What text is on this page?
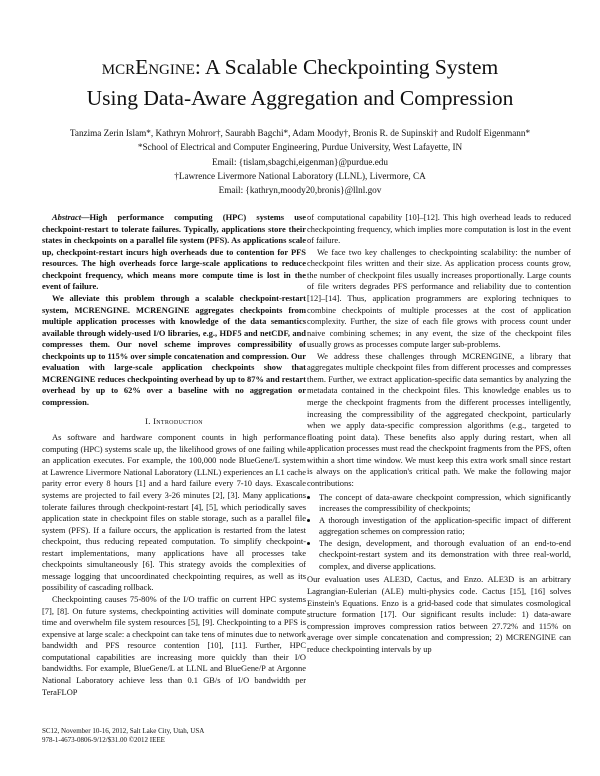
mcrEngine: A Scalable Checkpointing System
Using Data-Aware Aggregation and Compression
Tanzima Zerin Islam*, Kathryn Mohror†, Saurabh Bagchi*, Adam Moody†, Bronis R. de Supinski† and Rudolf Eigenmann*
*School of Electrical and Computer Engineering, Purdue University, West Lafayette, IN
Email: {tislam,sbagchi,eigenman}@purdue.edu
†Lawrence Livermore National Laboratory (LLNL), Livermore, CA
Email: {kathryn,moody20,bronis}@llnl.gov

Abstract—High performance computing (HPC) systems use checkpoint-restart to tolerate failures. Typically, applications store their states in checkpoints on a parallel file system (PFS). As applications scale up, checkpoint-restart incurs high overheads due to contention for PFS resources. The high overheads force large-scale applications to reduce checkpoint frequency, which means more compute time is lost in the event of failure.

We alleviate this problem through a scalable checkpoint-restart system, MCRENGINE. MCRENGINE aggregates checkpoints from multiple application processes with knowledge of the data semantics available through widely-used I/O libraries, e.g., HDF5 and netCDF, and compresses them. Our novel scheme improves compressibility of checkpoints up to 115% over simple concatenation and compression. Our evaluation with large-scale application checkpoints show that MCRENGINE reduces checkpointing overhead by up to 87% and restart overhead by up to 62% over a baseline with no aggregation or compression.

I. Introduction

As software and hardware component counts in high performance computing (HPC) systems scale up, the likelihood grows of one failing while an application executes. For example, the 100,000 node BlueGene/L system at Lawrence Livermore National Laboratory (LLNL) experiences an L1 cache parity error every 8 hours [1] and a hard failure every 7-10 days. Exascale systems are projected to fail every 3-26 minutes [2], [3]. Many applications tolerate failures through checkpoint-restart [4], [5], which periodically saves application state in checkpoint files on stable storage, such as a parallel file system (PFS). If a failure occurs, the application is restarted from the latest checkpoint, thus reducing repeated computation. To simplify checkpoint-restart implementations, many applications have all processes take checkpoints simultaneously [6]. This strategy avoids the complexities of message logging that uncoordinated checkpointing requires, as well as its possibility of cascading rollback.

Checkpointing causes 75-80% of the I/O traffic on current HPC systems [7], [8]. On future systems, checkpointing activities will dominate compute time and overwhelm file system resources [5], [9]. Checkpointing to a PFS is expensive at large scale: a checkpoint can take tens of minutes due to network bandwidth and PFS resource contention [10], [11]. Further, HPC computational capabilities are increasing more quickly than their I/O bandwidths. For example, BlueGene/L at LLNL and BlueGene/P at Argonne National Laboratory achieve less than 0.1 GB/s of I/O bandwidth per TeraFLOP

of computational capability [10]–[12]. This high overhead leads to reduced checkpointing frequency, which implies more computation is lost in the event of failure.

We face two key challenges to checkpointing scalability: the number of checkpoint files written and their size. As application process counts grow, the number of checkpoint files usually increases proportionally. Large counts of file writers degrades PFS performance and reliability due to contention [12]–[14]. Thus, application programmers are exploring techniques to combine checkpoints of multiple processes at the cost of application complexity. Further, the size of each file grows with process count under naive combining schemes; in any event, the size of the checkpoint files usually grows as processes compute larger sub-problems.

We address these challenges through MCRENGINE, a library that aggregates multiple checkpoint files from different processes and compresses them. Further, we extract application-specific data semantics by analyzing the metadata contained in the checkpoint files. This knowledge enables us to merge the checkpoint fragments from the different processes intelligently, increasing the compressibility of the aggregated checkpoint, particularly when we apply data-specific compression algorithms (e.g., targeted to floating point data). These benefits also apply during restart, when all application processes must read the checkpoint fragments from the PFS, often within a short time window. We must keep this extra work small since restart is always on the application's critical path. We make the following major contributions:

• The concept of data-aware checkpoint compression, which significantly increases the compressibility of checkpoints;
• A thorough investigation of the application-specific impact of different aggregation schemes on compression ratio;
• The design, development, and thorough evaluation of an end-to-end checkpoint-restart system and its demonstration with three real-world, complex, and diverse applications.

Our evaluation uses ALE3D, Cactus, and Enzo. ALE3D is an arbitrary Lagrangian-Eulerian (ALE) multi-physics code. Cactus [15], [16] solves Einstein's Equations. Enzo is a grid-based code that simulates cosmological structure formation [17]. Our significant results include: 1) data-aware compression improves compression ratios between 27.72% and 115% on average over simple concatenation and compression; 2) MCRENGINE can reduce checkpointing intervals by up

SC12, November 10-16, 2012, Salt Lake City, Utah, USA
978-1-4673-0806-9/12/$31.00 ©2012 IEEE
